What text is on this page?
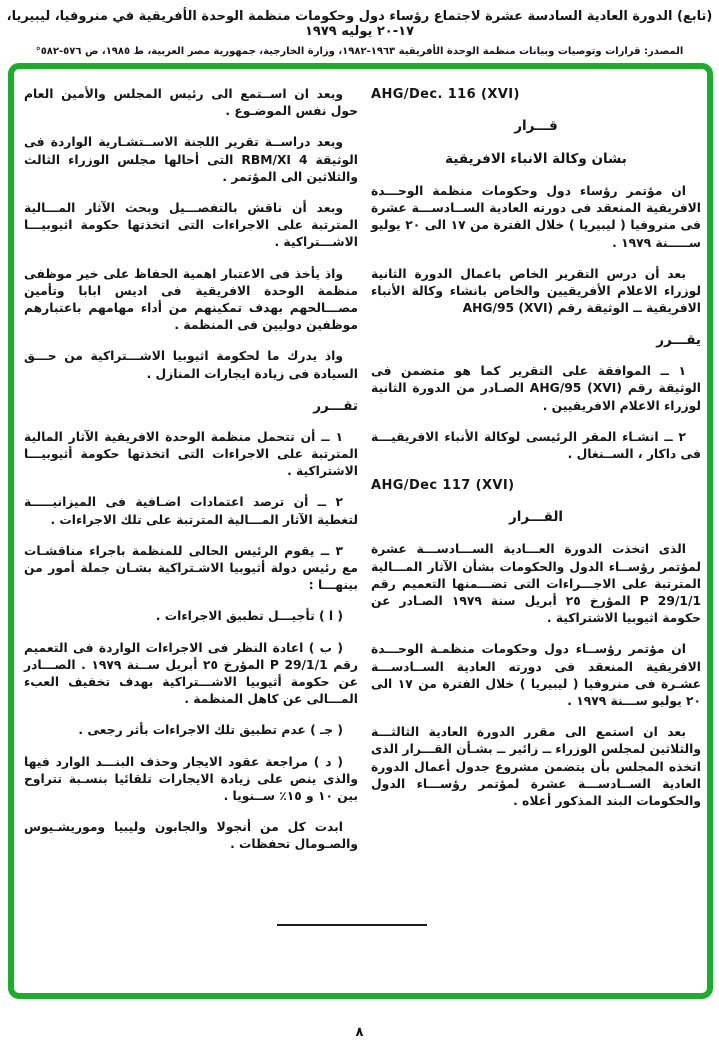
(تابع) الدورة العادية السادسة عشرة لاجتماع رؤساء دول وحكومات منظمة الوحدة الأفريقية في منروفيا، ليبيريا، ١٧-٢٠ يوليه ١٩٧٩
المصدر: قرارات وتوصيات وبيانات منظمة الوحدة الأفريقية ١٩٦٣-١٩٨٢، وزارة الخارجية، جمهورية مصر العربية، ط ١٩٨٥، ص ٥٧٦-٥٨٢°
AHG/Dec. 116 (XVI)
قـــرار
بشان وكالة الانباء الافريقية
ان مؤتمر رؤساء دول وحكومات منظمة الوحـــدة الافريقية المنعقد فى دورته العادية الســادســـة عشرة فى منروفيا ( ليبيريا ) خلال الفترة من ١٧ الى ٢٠ يوليو ســـــنة ١٩٧٩ .
بعد أن درس التقرير الخاص باعمال الدورة الثانية لوزراء الاعلام الأفريقيين والخاص بانشاء وكالة الأنباء الافريقية ــ الوثيقة رقم AHG/95 (XVI)
يقـــرر
١ ــ الموافقة على التقرير كما هو متضمن فى الوثيقة رقم AHG/95 (XVI) الصـادر من الدورة الثانية لوزراء الاعلام الافريقيين .
٢ ــ انشـاء المقر الرئيسى لوكالة الأنباء الافريقيـــة فى داكار ، الســنغال .
AHG/Dec 117 (XVI)
القـــرار
الذى اتخذت الدورة العـــادية الســـادســـة عشرة لمؤتمر رؤســاء الدول والحكومات بشأن الآثار المـــالية المترتبة على الاجـــراءات التى تضـــمنها التعميم رقم P 29/1/1 المؤرخ ٢٥ أبريل سنة ١٩٧٩ الصـادر عن حكومة اثيوبيا الاشتراكية .
ان مؤتمر رؤســاء دول وحكومات منظمـة الوحـــدة الافريقية المنعقد فى دورته العادية الســادســـة عشـرة فى منروفيا ( ليبيريا ) خلال الفترة من ١٧ الى ٢٠ يوليو ســـنة ١٩٧٩ .
بعد ان استمع الى مقرر الدورة العادية الثالثـــة والثلاثين لمجلس الوزراء ــ زائير ــ بشـأن القـــرار الذى اتخذه المجلس بأن يتضمن مشروع جدول أعمال الدورة العادية الســادســـة عشرة لمؤتمر رؤســـاء الدول والحكومات البند المذكور أعلاه .
وبعد ان اســتمع الى رئيس المجلس والأمين العام حول نفس الموضـوع .
وبعد دراســة تقرير اللجنة الاســتشـارية الواردة فى الوثيقة RBM/XI 4 التى أحالها مجلس الوزراء الثالث والثلاثين الى المؤتمر .
وبعد أن ناقش بالتفصـــيل وبحث الآثار المـــالية المترتبة على الاجراءات التى اتخذتها حكومة اثيوبيـــا الاشـــتراكية .
واذ يأخذ فى الاعتبار اهمية الحفاظ على خير موظفى منظمة الوحدة الافريقية فى اديس ابابا وتأمين مصـــالحهم بهدف تمكينهم من أداء مهامهم باعتبارهم موظفين دوليين فى المنظمة .
واذ يدرك ما لحكومة اثيوبيا الاشـــتراكية من حـــق السيادة فى زيادة ايجارات المنازل .
تقـــرر
١ ــ أن تتحمل منظمة الوحدة الافريقية الآثار المالية المترتبة على الاجراءات التى اتخذتها حكومة أثيوبيـــا الاشتراكية .
٢ ــ أن ترصد اعتمادات اضـافية فى الميزانيـــــة لتغطية الآثار المـــالية المترتبة على تلك الاجراءات .
٣ ــ يقوم الرئيس الحالى للمنظمة باجراء مناقشـات مع رئيس دولة أثيوبيا الاشـتراكية بشـان جملة أمور من بينهـــا :
( ا ) تأجيـــل تطبيق الاجراءات .
( ب ) اعادة النظر فى الاجراءات الواردة فى التعميم رقم P 29/1/1 المؤرخ ٢٥ أبريل ســنة ١٩٧٩ . الصـــادر عن حكومة أثيوبيا الاشـــتراكية بهدف تخفيف العبء المـــالى عن كاهل المنظمة .
( جـ ) عدم تطبيق تلك الاجراءات بأثر رجعى .
( د ) مراجعة عقود الايجار وحذف البنـــد الوارد فيها والذى ينص على زيادة الايجارات تلقائيا بنسـبة تتراوح بين ١٠ و ١٥٪ ســنويا .
ابدت كل من أنجولا والجابون وليبيا وموريشـيوس والصـومال تحفظات .
٨
